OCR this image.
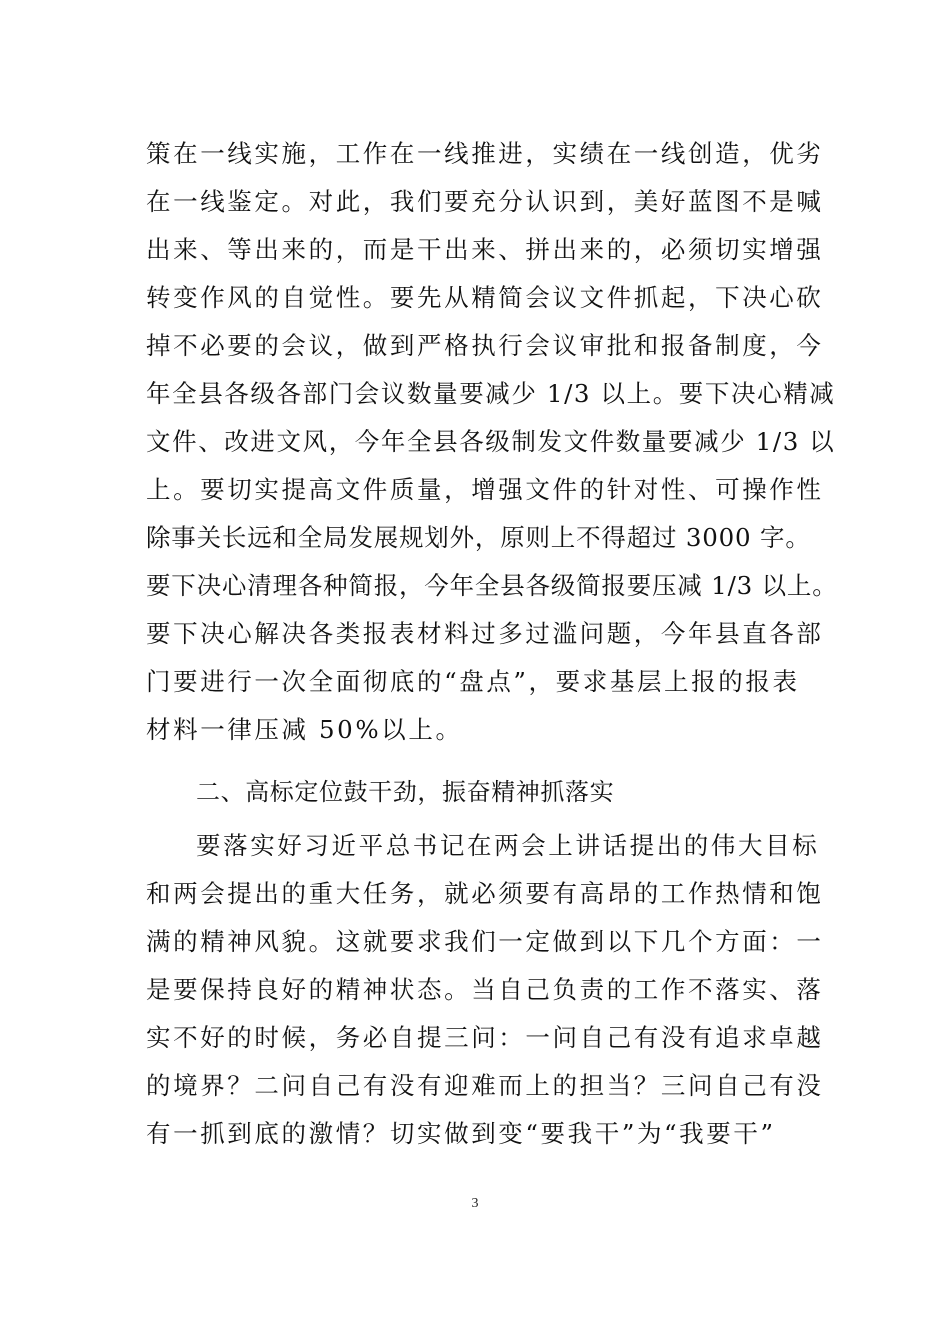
策在一线实施，工作在一线推进，实绩在一线创造，优劣
在一线鉴定。对此，我们要充分认识到，美好蓝图不是喊
出来、等出来的，而是干出来、拼出来的，必须切实增强
转变作风的自觉性。要先从精简会议文件抓起，下决心砍
掉不必要的会议，做到严格执行会议审批和报备制度，今
年全县各级各部门会议数量要减少 1/3 以上。要下决心精减
文件、改进文风，今年全县各级制发文件数量要减少 1/3 以
上。要切实提高文件质量，增强文件的针对性、可操作性
除事关长远和全局发展规划外，原则上不得超过 3000 字。
要下决心清理各种简报，今年全县各级简报要压减 1/3 以上。
要下决心解决各类报表材料过多过滥问题，今年县直各部
门要进行一次全面彻底的“盘点”，要求基层上报的报表
材料一律压减 50%以上。
二、高标定位鼓干劲，振奋精神抓落实
要落实好习近平总书记在两会上讲话提出的伟大目标
和两会提出的重大任务，就必须要有高昂的工作热情和饱
满的精神风貌。这就要求我们一定做到以下几个方面：一
是要保持良好的精神状态。当自己负责的工作不落实、落
实不好的时候，务必自提三问：一问自己有没有追求卓越
的境界？二问自己有没有迎难而上的担当？三问自己有没
有一抓到底的激情？切实做到变“要我干”为“我要干”
3
